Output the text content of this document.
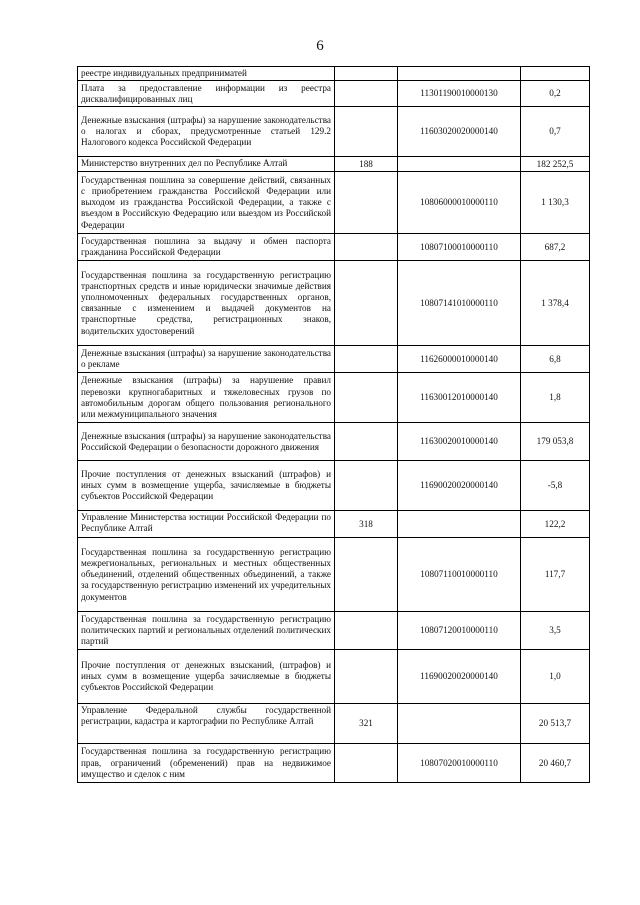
6
реестре индивидуальных предприниматей			
Плата за предоставление информации из реестра дисквалифицированных лиц		11301190010000130	0,2
Денежные взыскания (штрафы) за нарушение законодательства о налогах и сборах, предусмотренные статьей 129.2 Налогового кодекса Российской Федерации		11603020020000140	0,7
Министерство внутренних дел по Республике Алтай	188		182 252,5
Государственная пошлина за совершение действий, связанных с приобретением гражданства Российской Федерации или выходом из гражданства Российской Федерации, а также с въездом в Российскую Федерацию или выездом из Российской Федерации		10806000010000110	1 130,3
Государственная пошлина за выдачу и обмен паспорта гражданина Российской Федерации		10807100010000110	687,2
Государственная пошлина за государственную регистрацию транспортных средств и иные юридически значимые действия уполномоченных федеральных государственных органов, связанные с изменением и выдачей документов на транспортные средства, регистрационных знаков, водительских удостоверений		10807141010000110	1 378,4
Денежные взыскания (штрафы) за нарушение законодательства о рекламе		11626000010000140	6,8
Денежные взыскания (штрафы) за нарушение правил перевозки крупногабаритных и тяжеловесных грузов по автомобильным дорогам общего пользования регионального или межмуниципального значения		11630012010000140	1,8
Денежные взыскания (штрафы) за нарушение законодательства Российской Федерации о безопасности дорожного движения		11630020010000140	179 053,8
Прочие поступления от денежных взысканий (штрафов) и иных сумм в возмещение ущерба, зачисляемые в бюджеты субъектов Российской Федерации		11690020020000140	-5,8
Управление Министерства юстиции Российской Федерации по Республике Алтай	318		122,2
Государственная пошлина за государственную регистрацию межрегиональных, региональных и местных общественных объединений, отделений общественных объединений, а также за государственную регистрацию изменений их учредительных документов		10807110010000110	117,7
Государственная пошлина за государственную регистрацию политических партий и региональных отделений политических партий		10807120010000110	3,5
Прочие поступления от денежных взысканий, (штрафов) и иных сумм в возмещение ущерба зачисляемые в бюджеты субъектов Российской Федерации		11690020020000140	1,0
Управление Федеральной службы государственной регистрации, кадастра и картографии по Республике Алтай	321		20 513,7
Государственная пошлина за государственную регистрацию прав, ограничений (обременений) прав на недвижимое имущество и сделок с ним		10807020010000110	20 460,7
